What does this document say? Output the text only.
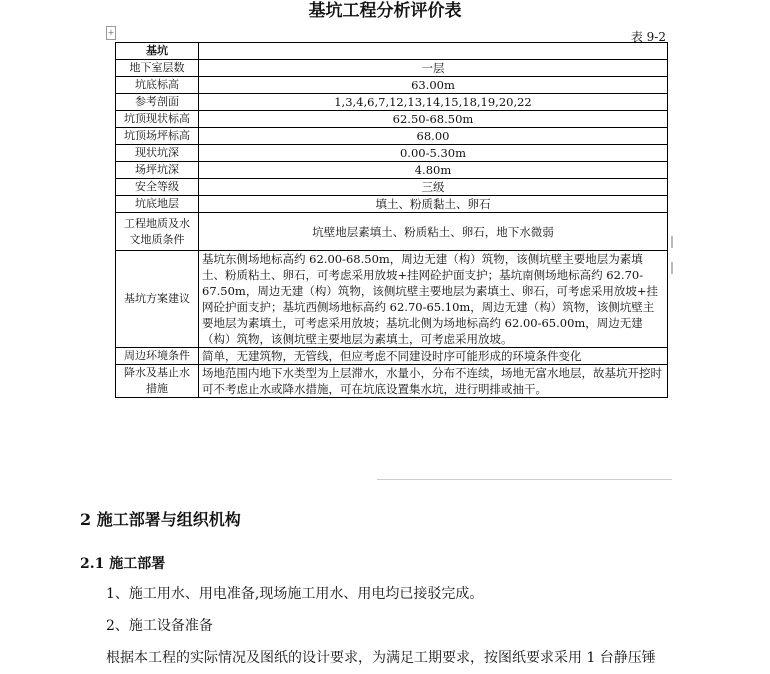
基坑工程分析评价表
+	表 9-2
基坑	
地下室层数	一层
坑底标高	63.00m
参考剖面	1,3,4,6,7,12,13,14,15,18,19,20,22
坑顶现状标高	62.50-68.50m
坑顶场坪标高	68.00
现状坑深	0.00-5.30m
场坪坑深	4.80m
安全等级	三级
坑底地层	填土、粉质黏土、卵石
工程地质及水文地质条件	坑壁地层素填土、粉质粘土、卵石，地下水微弱
基坑方案建议	基坑东侧场地标高约 62.00-68.50m，周边无建（构）筑物，该侧坑壁主要地层为素填土、粉质粘土、卵石，可考虑采用放坡+挂网砼护面支护；基坑南侧场地标高约 62.70-67.50m，周边无建（构）筑物，该侧坑壁主要地层为素填土、卵石，可考虑采用放坡+挂网砼护面支护；基坑西侧场地标高约 62.70-65.10m，周边无建（构）筑物，该侧坑壁主要地层为素填土，可考虑采用放坡；基坑北侧为场地标高约 62.00-65.00m，周边无建（构）筑物，该侧坑壁主要地层为素填土，可考虑采用放坡。
周边环境条件	简单，无建筑物，无管线，但应考虑不同建设时序可能形成的环境条件变化
降水及基止水措施	场地范围内地下水类型为上层滞水，水量小，分布不连续，场地无富水地层，故基坑开挖时可不考虑止水或降水措施，可在坑底设置集水坑，进行明排或抽干。
2 施工部署与组织机构
2.1 施工部署

1、施工用水、用电准备,现场施工用水、用电均已接驳完成。

2、施工设备准备

根据本工程的实际情况及图纸的设计要求，为满足工期要求，按图纸要求采用 1 台静压锤
